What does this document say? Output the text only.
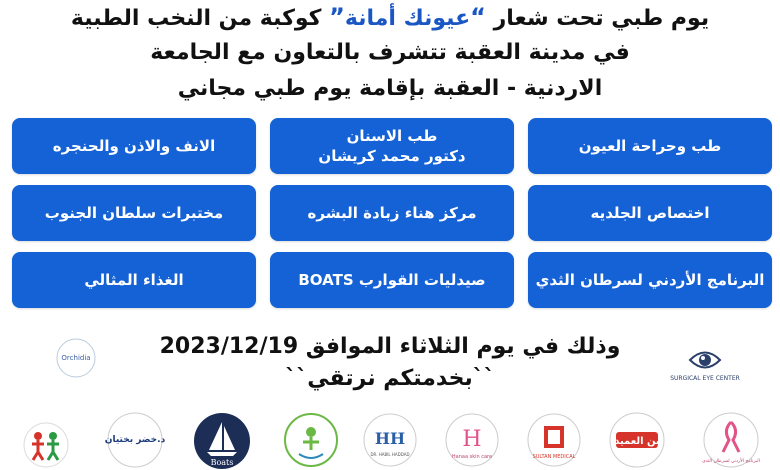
يوم طبي تحت شعار “عيونك أمانة” كوكبة من النخب الطبية
في مدينة العقبة تتشرف بالتعاون مع الجامعة
الاردنية - العقبة بإقامة يوم طبي مجاني
طب وحراحة العيون
طب الاسنان
دكتور محمد كريشان
الانف والاذن والحنجره
اختصاص الجلديه
مركز هناء زبادة البشره
مختبرات سلطان الجنوب
البرنامج الأردني لسرطان الثدي
صيدليات القوارب BOATS
الغذاء المثالي
وذلك في يوم الثلاثاء الموافق 2023/12/19
``بخدمتكم نرتقي``
Orchidia
SURGICAL EYE CENTER
د.خضر بختيان
Boats
HH
DR. HABIL HADDAD
H
Hanaa skin care	SULTAN MEDICAL
بن العميد
البرنامج الأردني لسرطان الثدي
